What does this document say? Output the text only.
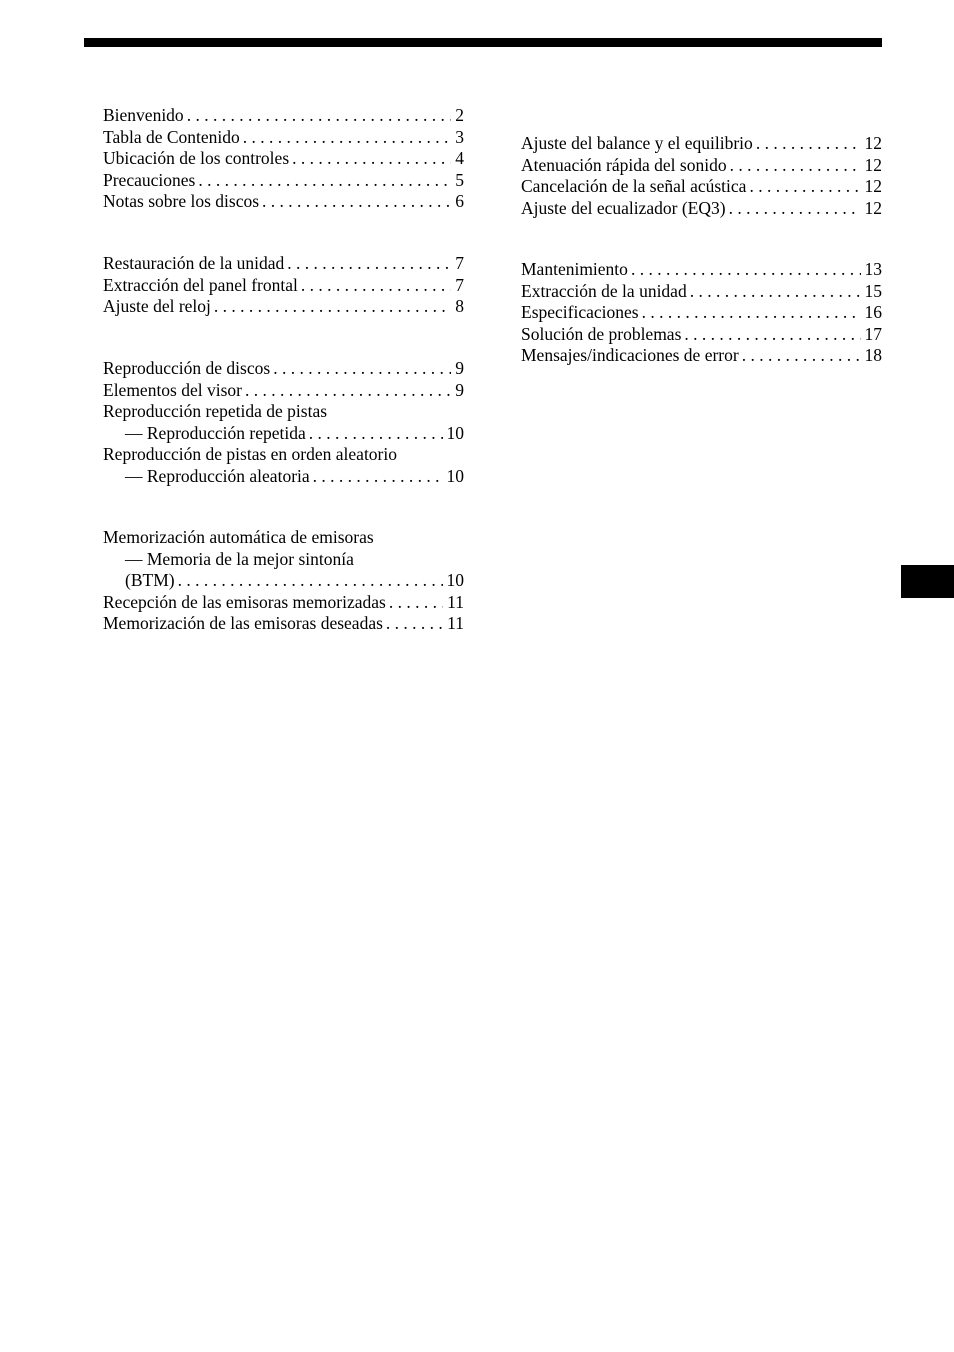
Bienvenido . . .	2
Tabla de Contenido . . .	3
Ubicación de los controles . . .	4
Precauciones . . .	5
Notas sobre los discos . . .	6
Restauración de la unidad . . .	7
Extracción del panel frontal . . .	7
Ajuste del reloj . . .	8
Reproducción de discos . . .	9
Elementos del visor . . .	9
Reproducción repetida de pistas
— Reproducción repetida . . .	10
Reproducción de pistas en orden aleatorio
— Reproducción aleatoria . . .	10
Memorización automática de emisoras
— Memoria de la mejor sintonía
(BTM) . . .	10
Recepción de las emisoras memorizadas . . .	11
Memorización de las emisoras deseadas . . .	11
Ajuste del balance y el equilibrio . . .	12
Atenuación rápida del sonido . . .	12
Cancelación de la señal acústica . . .	12
Ajuste del ecualizador (EQ3) . . .	12
Mantenimiento . . .	13
Extracción de la unidad . . .	15
Especificaciones . . .	16
Solución de problemas . . .	17
Mensajes/indicaciones de error . . .	18
